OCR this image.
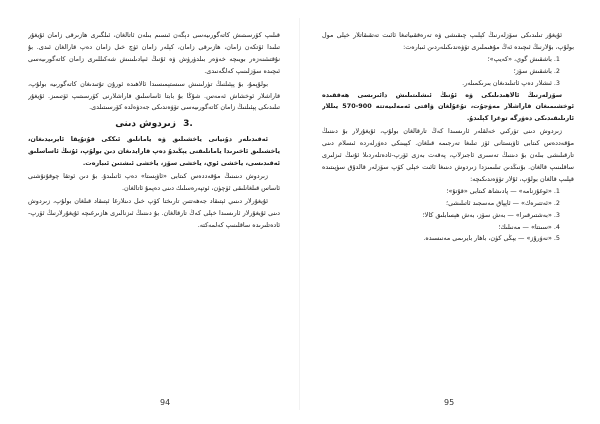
قىلىپ كۆرسىتىش كاتەگورىيەسى دېگەن ئىسىم بىلەن ئاتالغان، ئىلگىرى ھازىرقى زامان ئۇيغۇر تىلىدا ئۆتكەن زامان، ھازىرقى زامان، كېلەر زامان ئۈچ خىل زامان دەپ قارالغان ئىدى. بۇ نۇقتىئىنەزەر بويىچە خەۋەر بىلدۈرۈش ۋە ئۇنىڭ ئىپادىلىنىش شەكىللىرى زامان كاتەگورىيەسى ئىچىدە سۆزلىنىپ كەلگەنىدى.

بولۇپمۇ، بۇ پېئىلنىڭ تۈرلىنىش سىستېمىسىدا ئالاھىدە ئورۇن تۇتىدىغان كاتەگورىيە بولۇپ، قاراشلار ئوخشاش ئەمەس. شۇڭا بۇ بابتا ئاساسلىق قاراشلارنى كۆرسىتىپ ئۆتىمىز. ئۇيغۇر تىلىدىكى پېئىلنىڭ زامان كاتەگورىيەسى تۆۋەندىكى جەدۋەلدە كۆرسىتىلدى.

3. زىردوش دىنى

ئەقىدىلەر دۇنيانى ياخشىلىق ۋە يامانلىق ئىككى قۇتۇپقا ئايرىيدىغان، ياخشىلىق ئاخىرىدا يامانلىقنى يېڭىدۇ دەپ قارايدىغان دىن بولۇپ، ئۇنىڭ ئاساسلىق ئەقىدىسى، ياخشى ئوي، ياخشى سۆز، ياخشى ئىشتىن ئىبارەت.

زىردوش دىنىنىڭ مۇقەددەس كىتابى «ئاۋېستا» دەپ ئاتىلىدۇ. بۇ دىن ئوتقا چوقۇنۇشنى ئاساس قىلغانلىقى ئۈچۈن، ئوتپەرەسلىك دىنى دەپمۇ ئاتالغان.

ئۇيغۇرلار دىنىي ئېتىقاد جەھەتتىن تارىختا كۆپ خىل دىنلارغا ئېتىقاد قىلغان بولۇپ، زىردوش دىنى ئۇيغۇرلار ئارىسىدا خېلى كەڭ تارقالغان. بۇ دىننىڭ ئىزنالىرى ھازىرغىچە ئۇيغۇرلارنىڭ ئۆرپ-ئادەتلىرىدە ساقلىنىپ كەلمەكتە.

ئۇيغۇر تىلىدىكى سۆزلەرنىڭ كېلىپ چىقىشى ۋە تەرەققىياتىغا ئائىت تەتقىقاتلار خېلى مول بولۇپ، بۇلارنىڭ ئىچىدە ئەڭ مۇھىملىرى تۆۋەندىكىلەردىن ئىبارەت:

1. باشقىش گوي، «كەيپ»؛
2. باشقىش سۆز؛
3. ئىشلار دەپ ئاتىلىدىغان بىرىكمىلەر.

سۆزلەرنىڭ ئالاھىدىلىكى ۋە ئۇنىڭ ئىشلىتىلىش دائىرىسى ھەققىدە ئوخشىمىغان قاراشلار مەۋجۇت، تۇغۇلغان ۋاقتى ئەمەلىيەتتە 900-570 يىللار ئارىلىقىدىكى دەۋرگە توغرا كېلىدۇ.

زىردوش دىنى تۈركىي خەلقلەر ئارىسىدا كەڭ تارقالغان بولۇپ، ئۇيغۇرلار بۇ دىننىڭ مۇقەددەس كىتابى ئاۋېستانى ئۆز تىلىغا تەرجىمە قىلغان. كېيىنكى دەۋرلەردە ئىسلام دىنى تارقىلىشى بىلەن بۇ دىننىڭ تەسىرى ئاجىزلاپ، پەقەت بەزى ئۆرپ-ئادەتلەردىلا ئۇنىڭ ئىزلىرى ساقلىنىپ قالغان. بۇنىڭدىن تىلىمىزدا زىردوش دىنىغا ئائىت خېلى كۆپ سۆزلەر قالدۇق سۈپىتىدە قېلىپ قالغان بولۇپ، ئۇلار تۆۋەندىكىچە:

1. «ئوغۇزنامە» — پادىشاھ كىتابى «قۇتۇ»؛
2. «ئەتتىرەك» — ئاپپاق مەسجىد ئاتىلىشى؛
3. «بەشتىرقىرا» — بەش سۆز، بەش ھېسابلىق كالا؛
4. «سىنتا» — مەنىلىك؛
5. «نەۋرۇز» — يېڭى كۈن، باھار بايرىمى مەنىسىدە.
94	95
